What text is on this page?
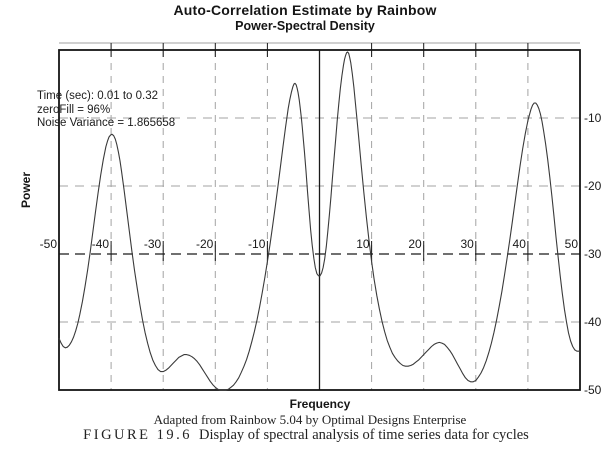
Auto-Correlation Estimate by Rainbow
Power-Spectral Density
Power
Time (sec): 0.01 to 0.32
zeroFill = 96%
Noise Variance = 1.865658
-50	-40	-30	-20	-10	10	20	30	40	50
-10
-20
-30
-40
-50
Frequency
Adapted from Rainbow 5.04 by Optimal Designs Enterprise
FIGURE 19.6 Display of spectral analysis of time series data for cycles
